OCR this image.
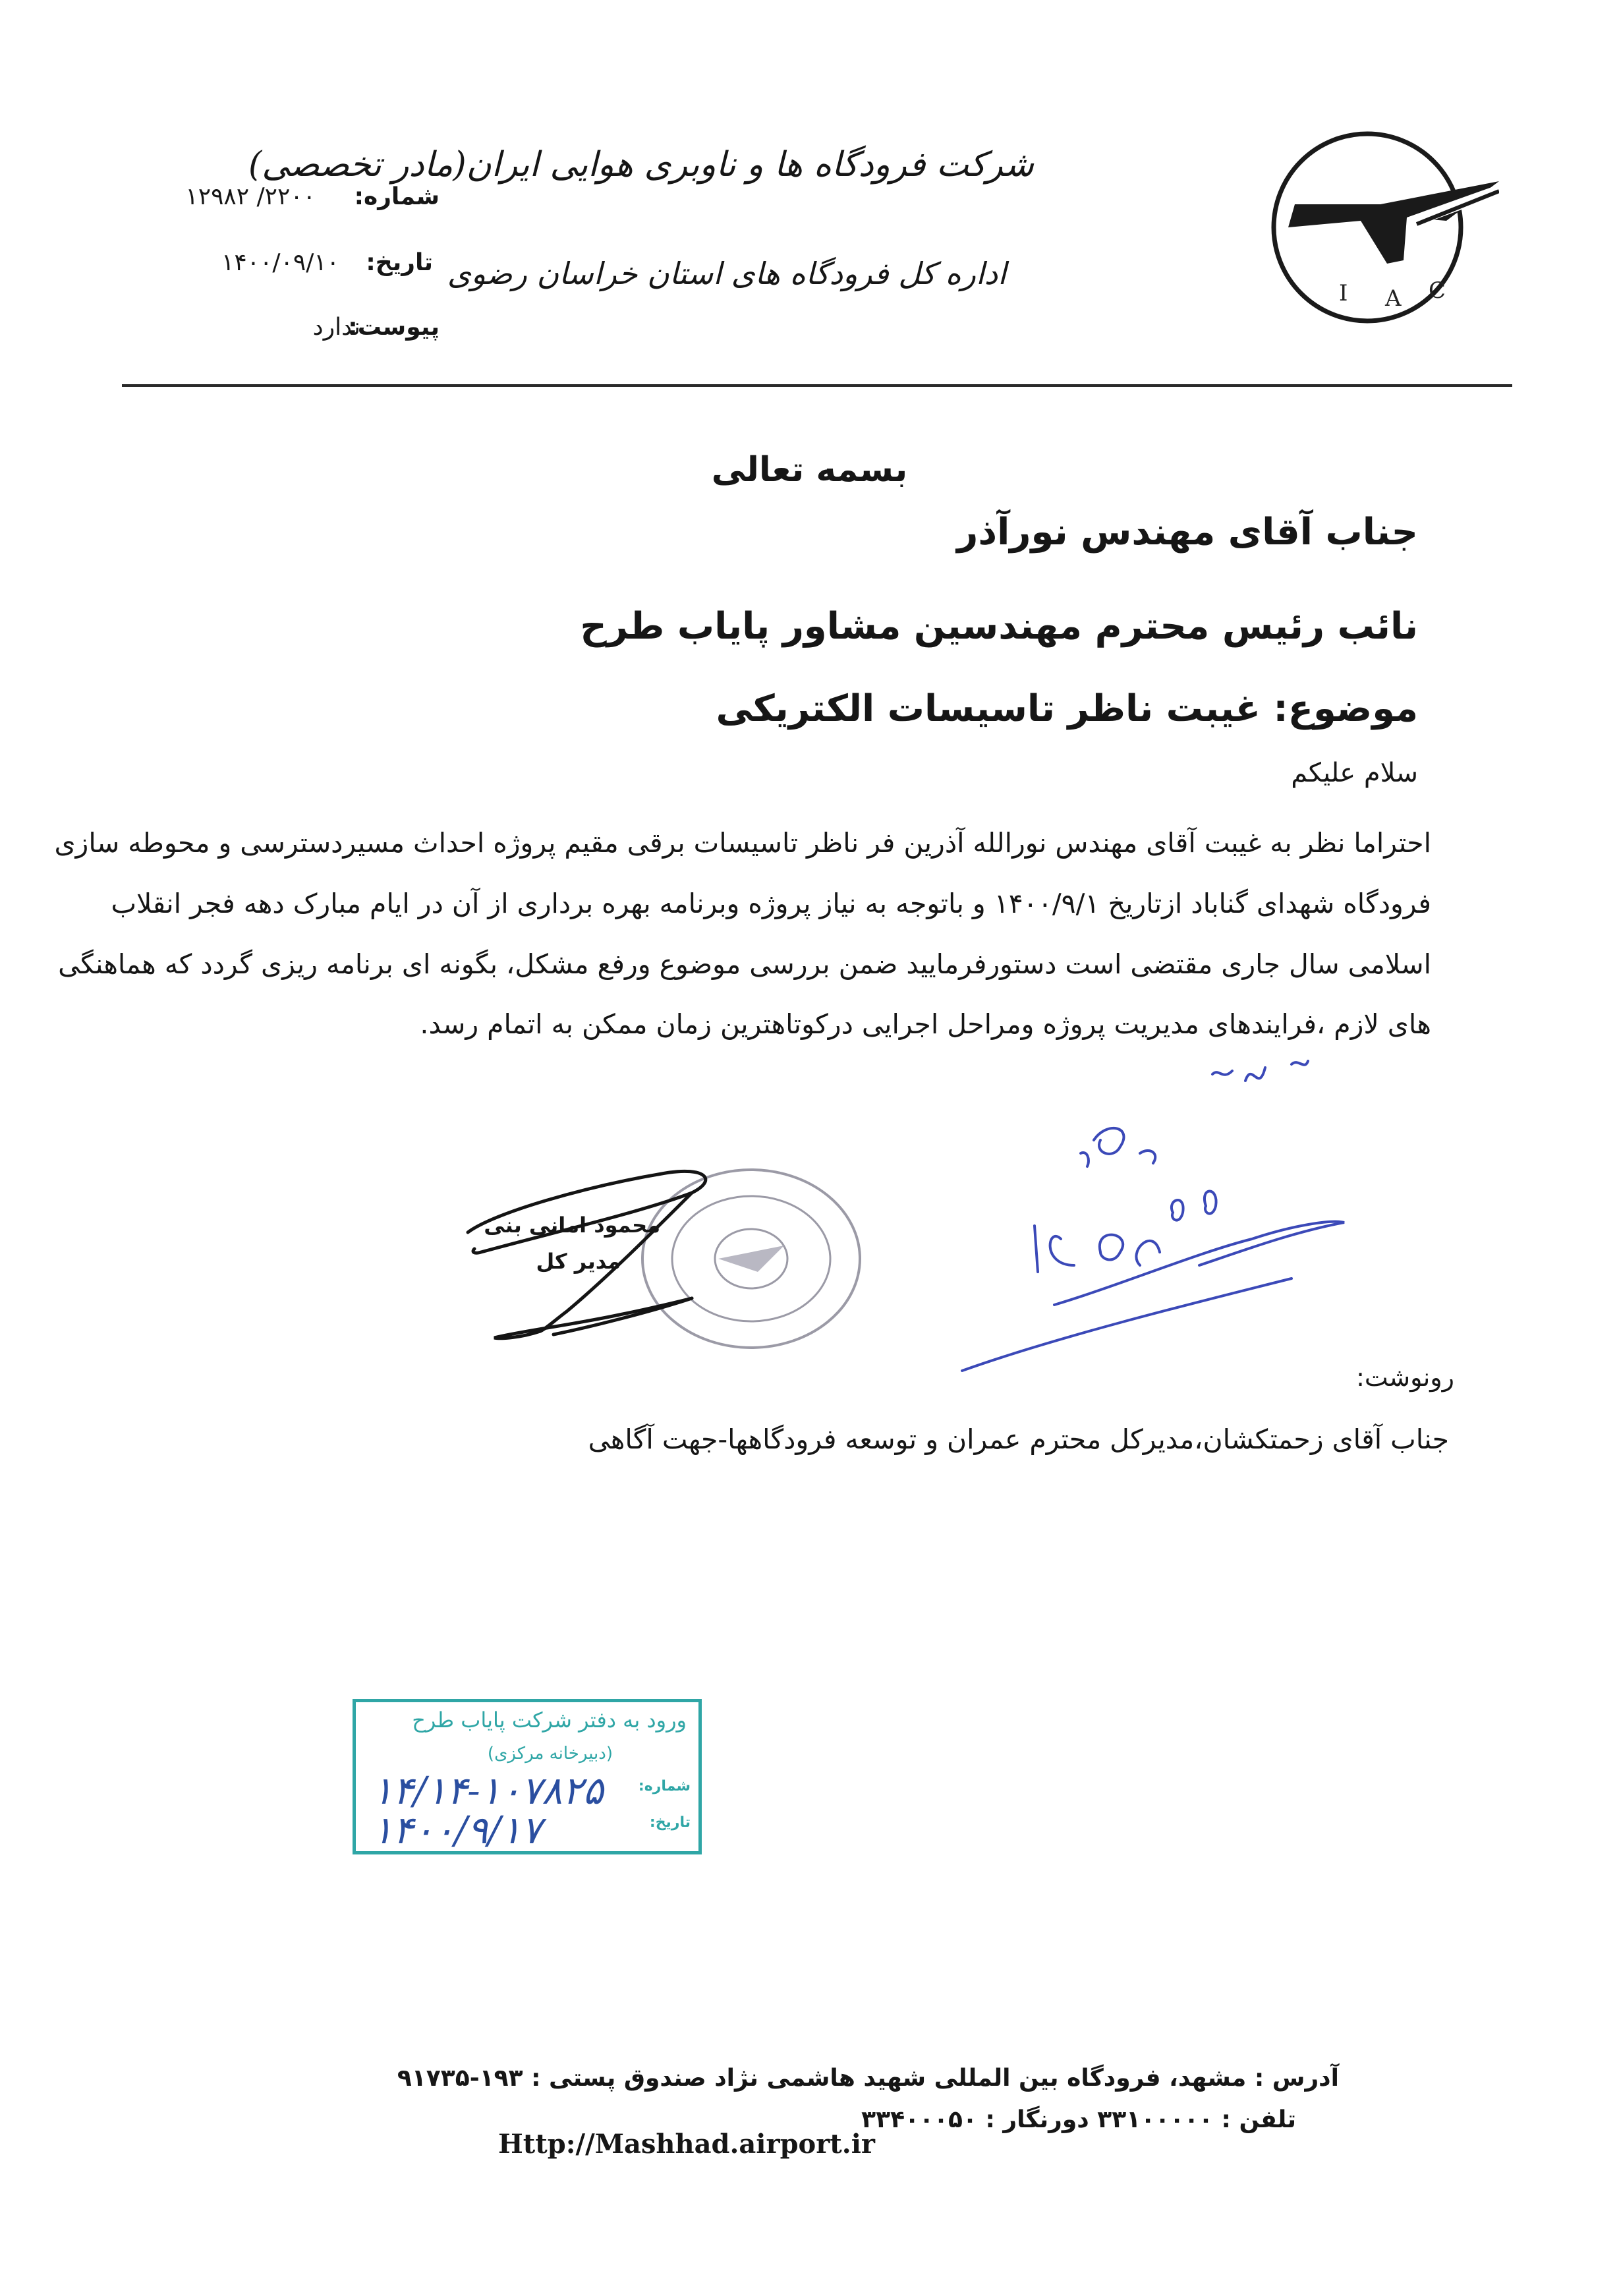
I A C
شرکت فرودگاه ها و ناوبری هوایی ایران(مادر تخصصی)
اداره کل فرودگاه های استان خراسان رضوی
شماره:
۱۲۹۸۲ /۲۲۰۰
تاریخ:
۱۴۰۰/۰۹/۱۰
پیوست:
ندارد
بسمه تعالی
جناب آقای مهندس نورآذر
نائب رئیس محترم مهندسین مشاور پایاب طرح
موضوع: غیبت ناظر تاسیسات الکتریکی
سلام علیکم
احتراما نظر به غیبت آقای مهندس نورالله آذرین فر ناظر تاسیسات برقی مقیم پروژه احداث مسیردسترسی و محوطه سازی
فرودگاه شهدای گناباد ازتاریخ ۱۴۰۰/۹/۱ و باتوجه به نیاز پروژه وبرنامه بهره برداری از آن در ایام مبارک دهه فجر انقلاب
اسلامی سال جاری مقتضی است دستورفرمایید ضمن بررسی موضوع ورفع مشکل، بگونه ای برنامه ریزی گردد که هماهنگی
های لازم ،فرایندهای مدیریت پروژه ومراحل اجرایی درکوتاهترین زمان ممکن به اتمام رسد.
محمود امانی بنی
مدیر کل
رونوشت:
جناب آقای زحمتکشان،مدیرکل محترم عمران و توسعه فرودگاهها-جهت آگاهی
ورود به دفتر شرکت پایاب طرح
(دبیرخانه مرکزی)
شماره:
تاریخ:
۱۴/۱۴-۱۰۷۸۲۵
۱۴۰۰/۹/۱۷
آدرس : مشهد، فرودگاه بین المللی شهید هاشمی نژاد صندوق پستی : ۱۹۳-۹۱۷۳۵
تلفن : ۳۳۱۰۰۰۰۰ دورنگار : ۳۳۴۰۰۰۵۰
Http://Mashhad.airport.ir
